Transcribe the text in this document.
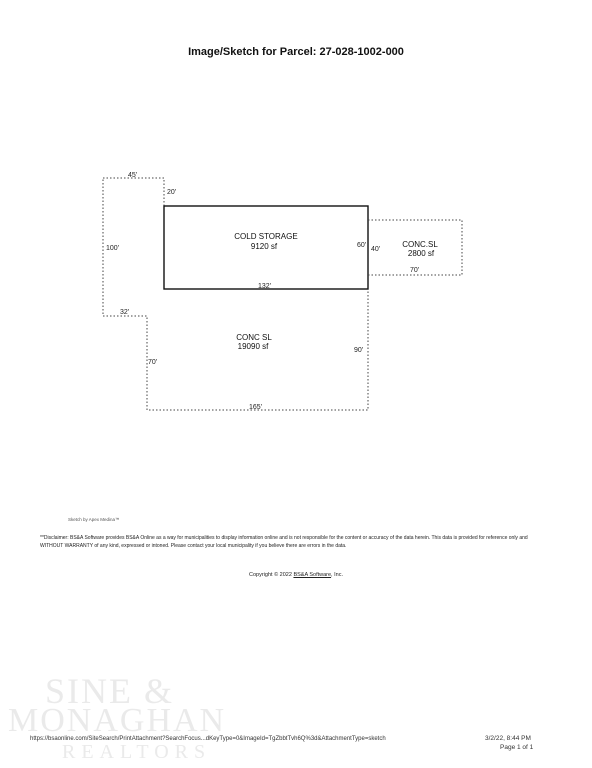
Image/Sketch for Parcel: 27-028-1002-000
45'
20'
100'
32'
70'
60'
132'
90'
165'
40'
70'
COLD STORAGE
9120 sf
CONC SL
19090 sf
CONC.SL
2800 sf
Sketch by Apex Medina™
**Disclaimer: BS&A Software provides BS&A Online as a way for municipalities to display information online and is not responsible for the content or accuracy of the data herein. This data is provided for reference only and WITHOUT WARRANTY of any kind, expressed or intoned. Please contact your local municipality if you believe there are errors in the data.
Copyright © 2022 BS&A Software, Inc.
SINE &
MONAGHAN
REALTORS
https://bsaonline.com/SiteSearch/PrintAttachment?SearchFocus...dKeyType=0&ImageId=TgZbbtTvh6Q%3d&AttachmentType=sketch	3/2/22, 8:44 PM
Page 1 of 1
